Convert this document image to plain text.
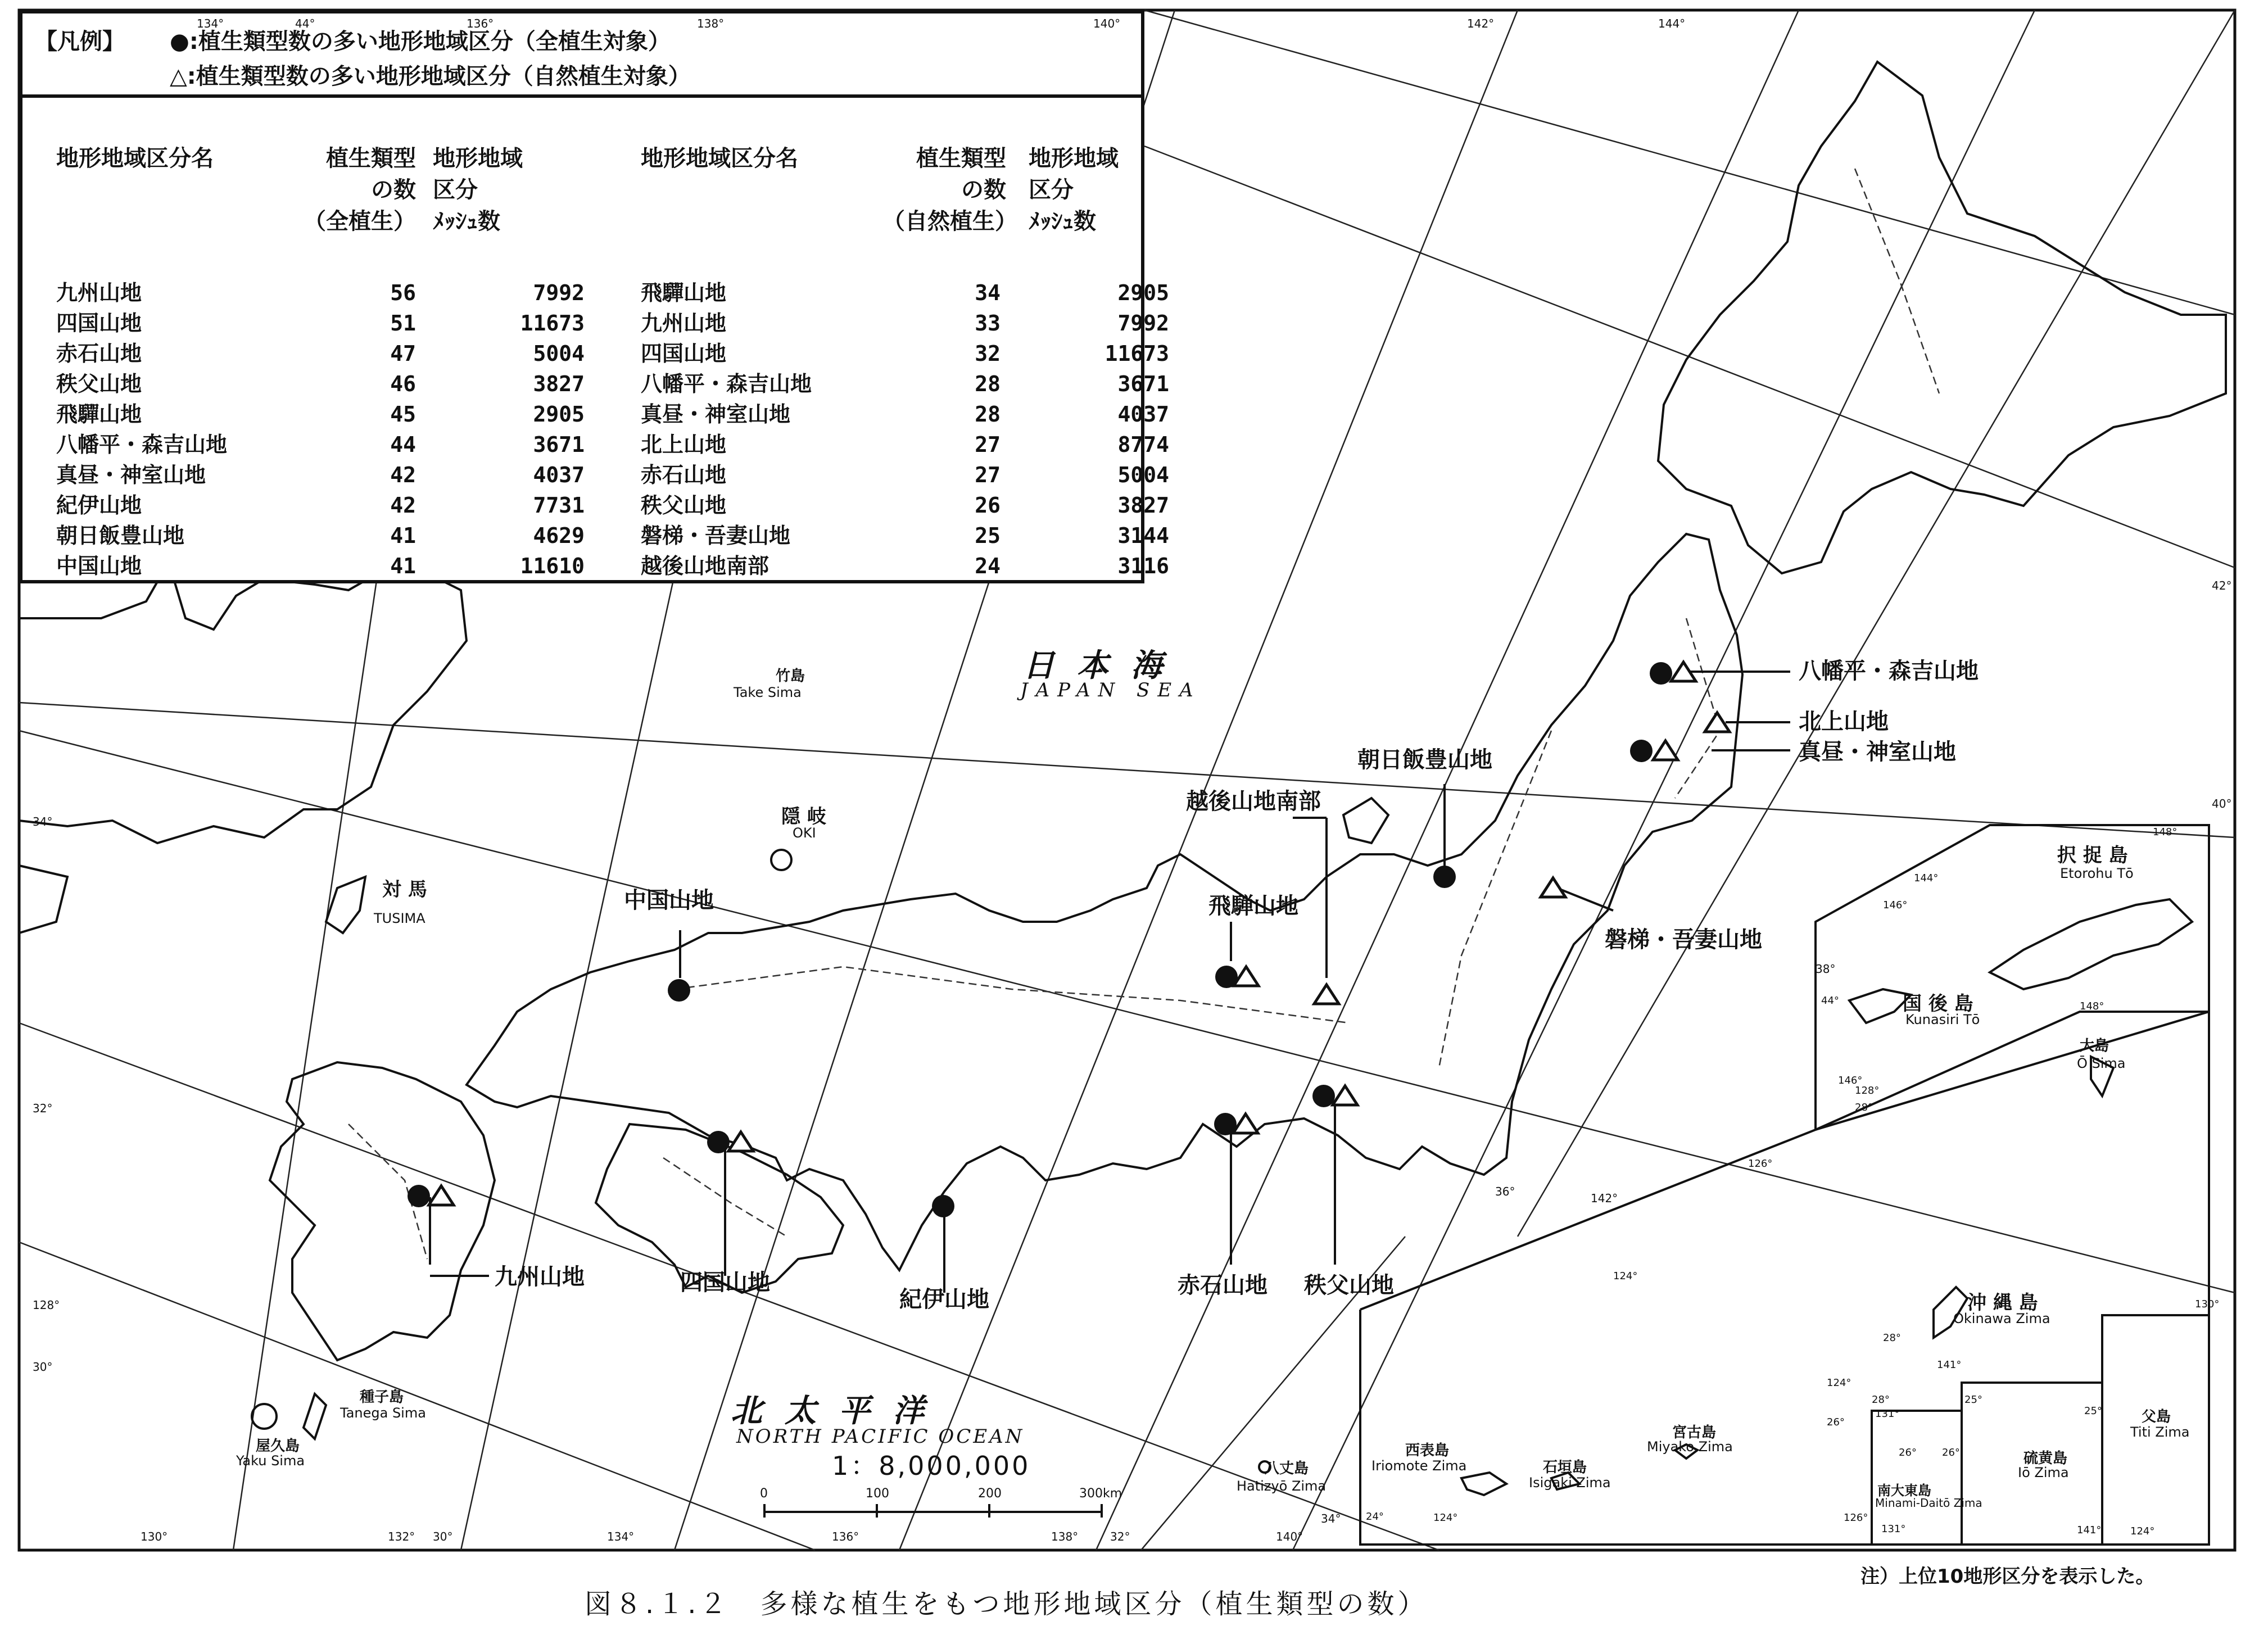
【凡例】 ●:植生類型数の多い地形地域区分（全植生対象）
△:植生類型数の多い地形地域区分（自然植生対象）
地形地域区分名	植生類型
の数
（全植生）
地形地域
区分
ﾒｯｼｭ数
九州山地	56	7992
四国山地	51	11673
赤石山地	47	5004
秩父山地	46	3827
飛驒山地	45	2905
八幡平・森吉山地	44	3671
真昼・神室山地	42	4037
紀伊山地	42	7731
朝日飯豊山地	41	4629
中国山地	41	11610
地形地域区分名	植生類型
の数
（自然植生）
地形地域
区分
ﾒｯｼｭ数
飛驒山地	34	2905
九州山地	33	7992
四国山地	32	11673
八幡平・森吉山地	28	3671
真昼・神室山地	28	4037
北上山地	27	8774
赤石山地	27	5004
秩父山地	26	3827
磐梯・吾妻山地	25	3144
越後山地南部	24	3116
八幡平・森吉山地
北上山地
真昼・神室山地
朝日飯豊山地
越後山地南部
飛騨山地
磐梯・吾妻山地
中国山地
九州山地	四国山地
紀伊山地
赤石山地 秩父山地
日本海
JAPAN SEA
北太平洋
NORTH PACIFIC OCEAN
竹島
Take Sima
隠 岐
OKI
対 馬
TUSIMA
種子島
Tanega Sima
屋久島
Yaku Sima	八丈島
Hatizyō Zima
択 捉 島
Etorohu Tō
国 後 島
Kunasiri Tō
大島
Ō Sima
沖 縄 島
Okinawa Zima
西表島
Iriomote Zima	石垣島
Isigaki Zima
宮古島
Miyako Zima
南大東島
Minami-Daitō Zima
硫黄島
Iō Zima
父島
Titi Zima
134°	44°	136°	138°	140°	142°	144°
42°
40°
38°
34°
32°
128°
30°
130°	132° 30°	134°	136°	138°	32°	140°
34°
36°	142°
148°
144°
146°
44°
146°
148°
128°
28°
126°
124°
130°
28°
124°
26°
28°
126°
124°
24°
131°
26°
141°
25°
25°
26°
131°	141°	124°
1：8,000,000
0	100	200	300km
注）上位10地形区分を表示した。
図８.１.２　多様な植生をもつ地形地域区分（植生類型の数）
